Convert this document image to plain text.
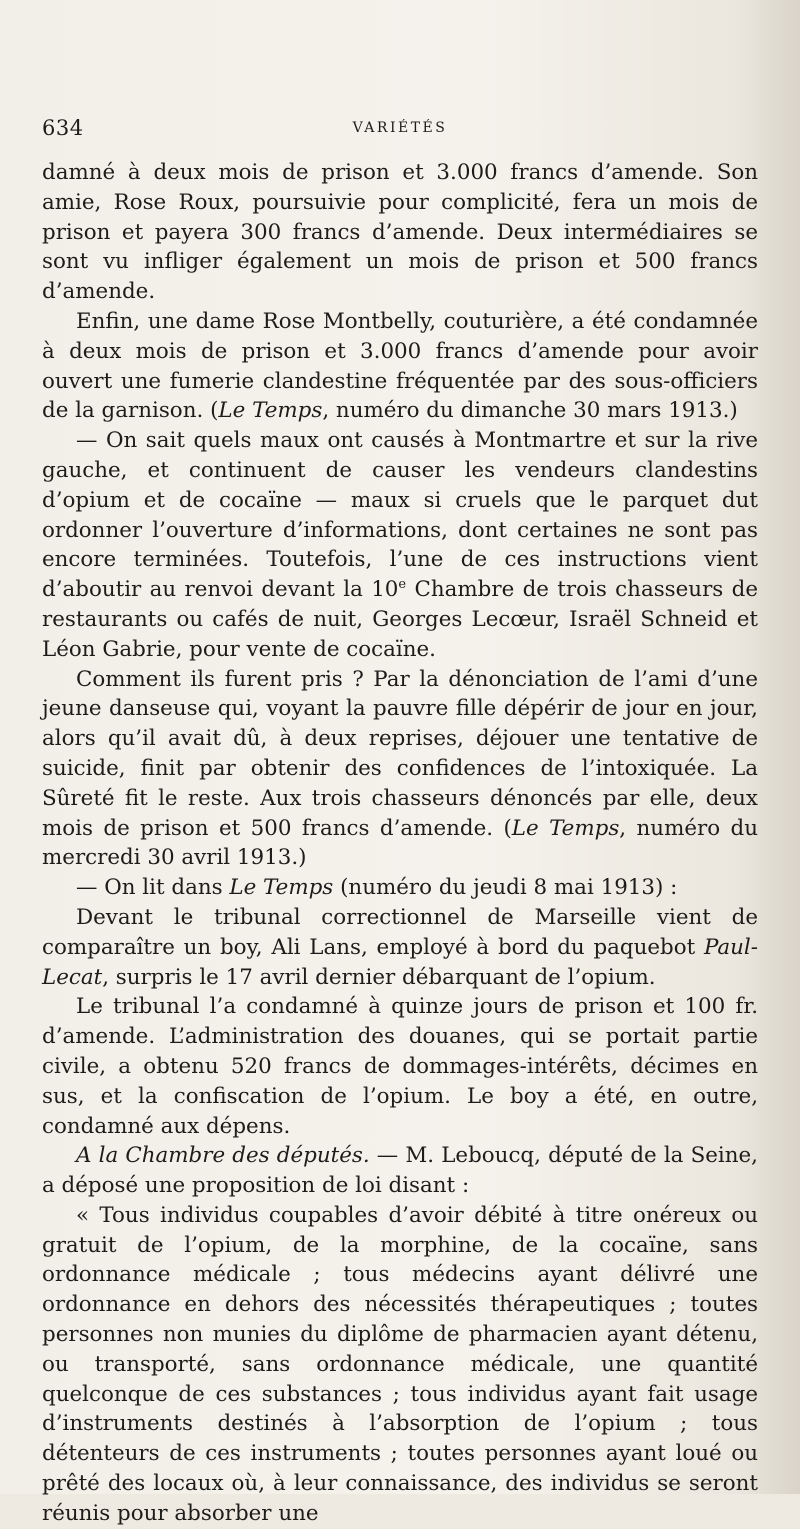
634	VARIÉTÉS

damné à deux mois de prison et 3.000 francs d’amende. Son amie, Rose Roux, poursuivie pour complicité, fera un mois de prison et payera 300 francs d’amende. Deux intermédiaires se sont vu infliger également un mois de prison et 500 francs d’amende.

Enfin, une dame Rose Montbelly, couturière, a été condamnée à deux mois de prison et 3.000 francs d’amende pour avoir ouvert une fumerie clandestine fréquentée par des sous-officiers de la garnison. (Le Temps, numéro du dimanche 30 mars 1913.)

— On sait quels maux ont causés à Montmartre et sur la rive gauche, et continuent de causer les vendeurs clandestins d’opium et de cocaïne — maux si cruels que le parquet dut ordonner l’ouverture d’informations, dont certaines ne sont pas encore terminées. Toutefois, l’une de ces instructions vient d’aboutir au renvoi devant la 10e Chambre de trois chasseurs de restaurants ou cafés de nuit, Georges Lecœur, Israël Schneid et Léon Gabrie, pour vente de cocaïne.

Comment ils furent pris ? Par la dénonciation de l’ami d’une jeune danseuse qui, voyant la pauvre fille dépérir de jour en jour, alors qu’il avait dû, à deux reprises, déjouer une tentative de suicide, finit par obtenir des confidences de l’intoxiquée. La Sûreté fit le reste. Aux trois chasseurs dénoncés par elle, deux mois de prison et 500 francs d’amende. (Le Temps, numéro du mercredi 30 avril 1913.)

— On lit dans Le Temps (numéro du jeudi 8 mai 1913) :

Devant le tribunal correctionnel de Marseille vient de comparaître un boy, Ali Lans, employé à bord du paquebot Paul-Lecat, surpris le 17 avril dernier débarquant de l’opium.

Le tribunal l’a condamné à quinze jours de prison et 100 fr. d’amende. L’administration des douanes, qui se portait partie civile, a obtenu 520 francs de dommages-intérêts, décimes en sus, et la confiscation de l’opium. Le boy a été, en outre, condamné aux dépens.

A la Chambre des députés. — M. Leboucq, député de la Seine, a déposé une proposition de loi disant :

« Tous individus coupables d’avoir débité à titre onéreux ou gratuit de l’opium, de la morphine, de la cocaïne, sans ordonnance médicale ; tous médecins ayant délivré une ordonnance en dehors des nécessités thérapeutiques ; toutes personnes non munies du diplôme de pharmacien ayant détenu, ou transporté, sans ordonnance médicale, une quantité quelconque de ces substances ; tous individus ayant fait usage d’instruments destinés à l’absorption de l’opium ; tous détenteurs de ces instruments ; toutes personnes ayant loué ou prêté des locaux où, à leur connaissance, des individus se seront réunis pour absorber une
